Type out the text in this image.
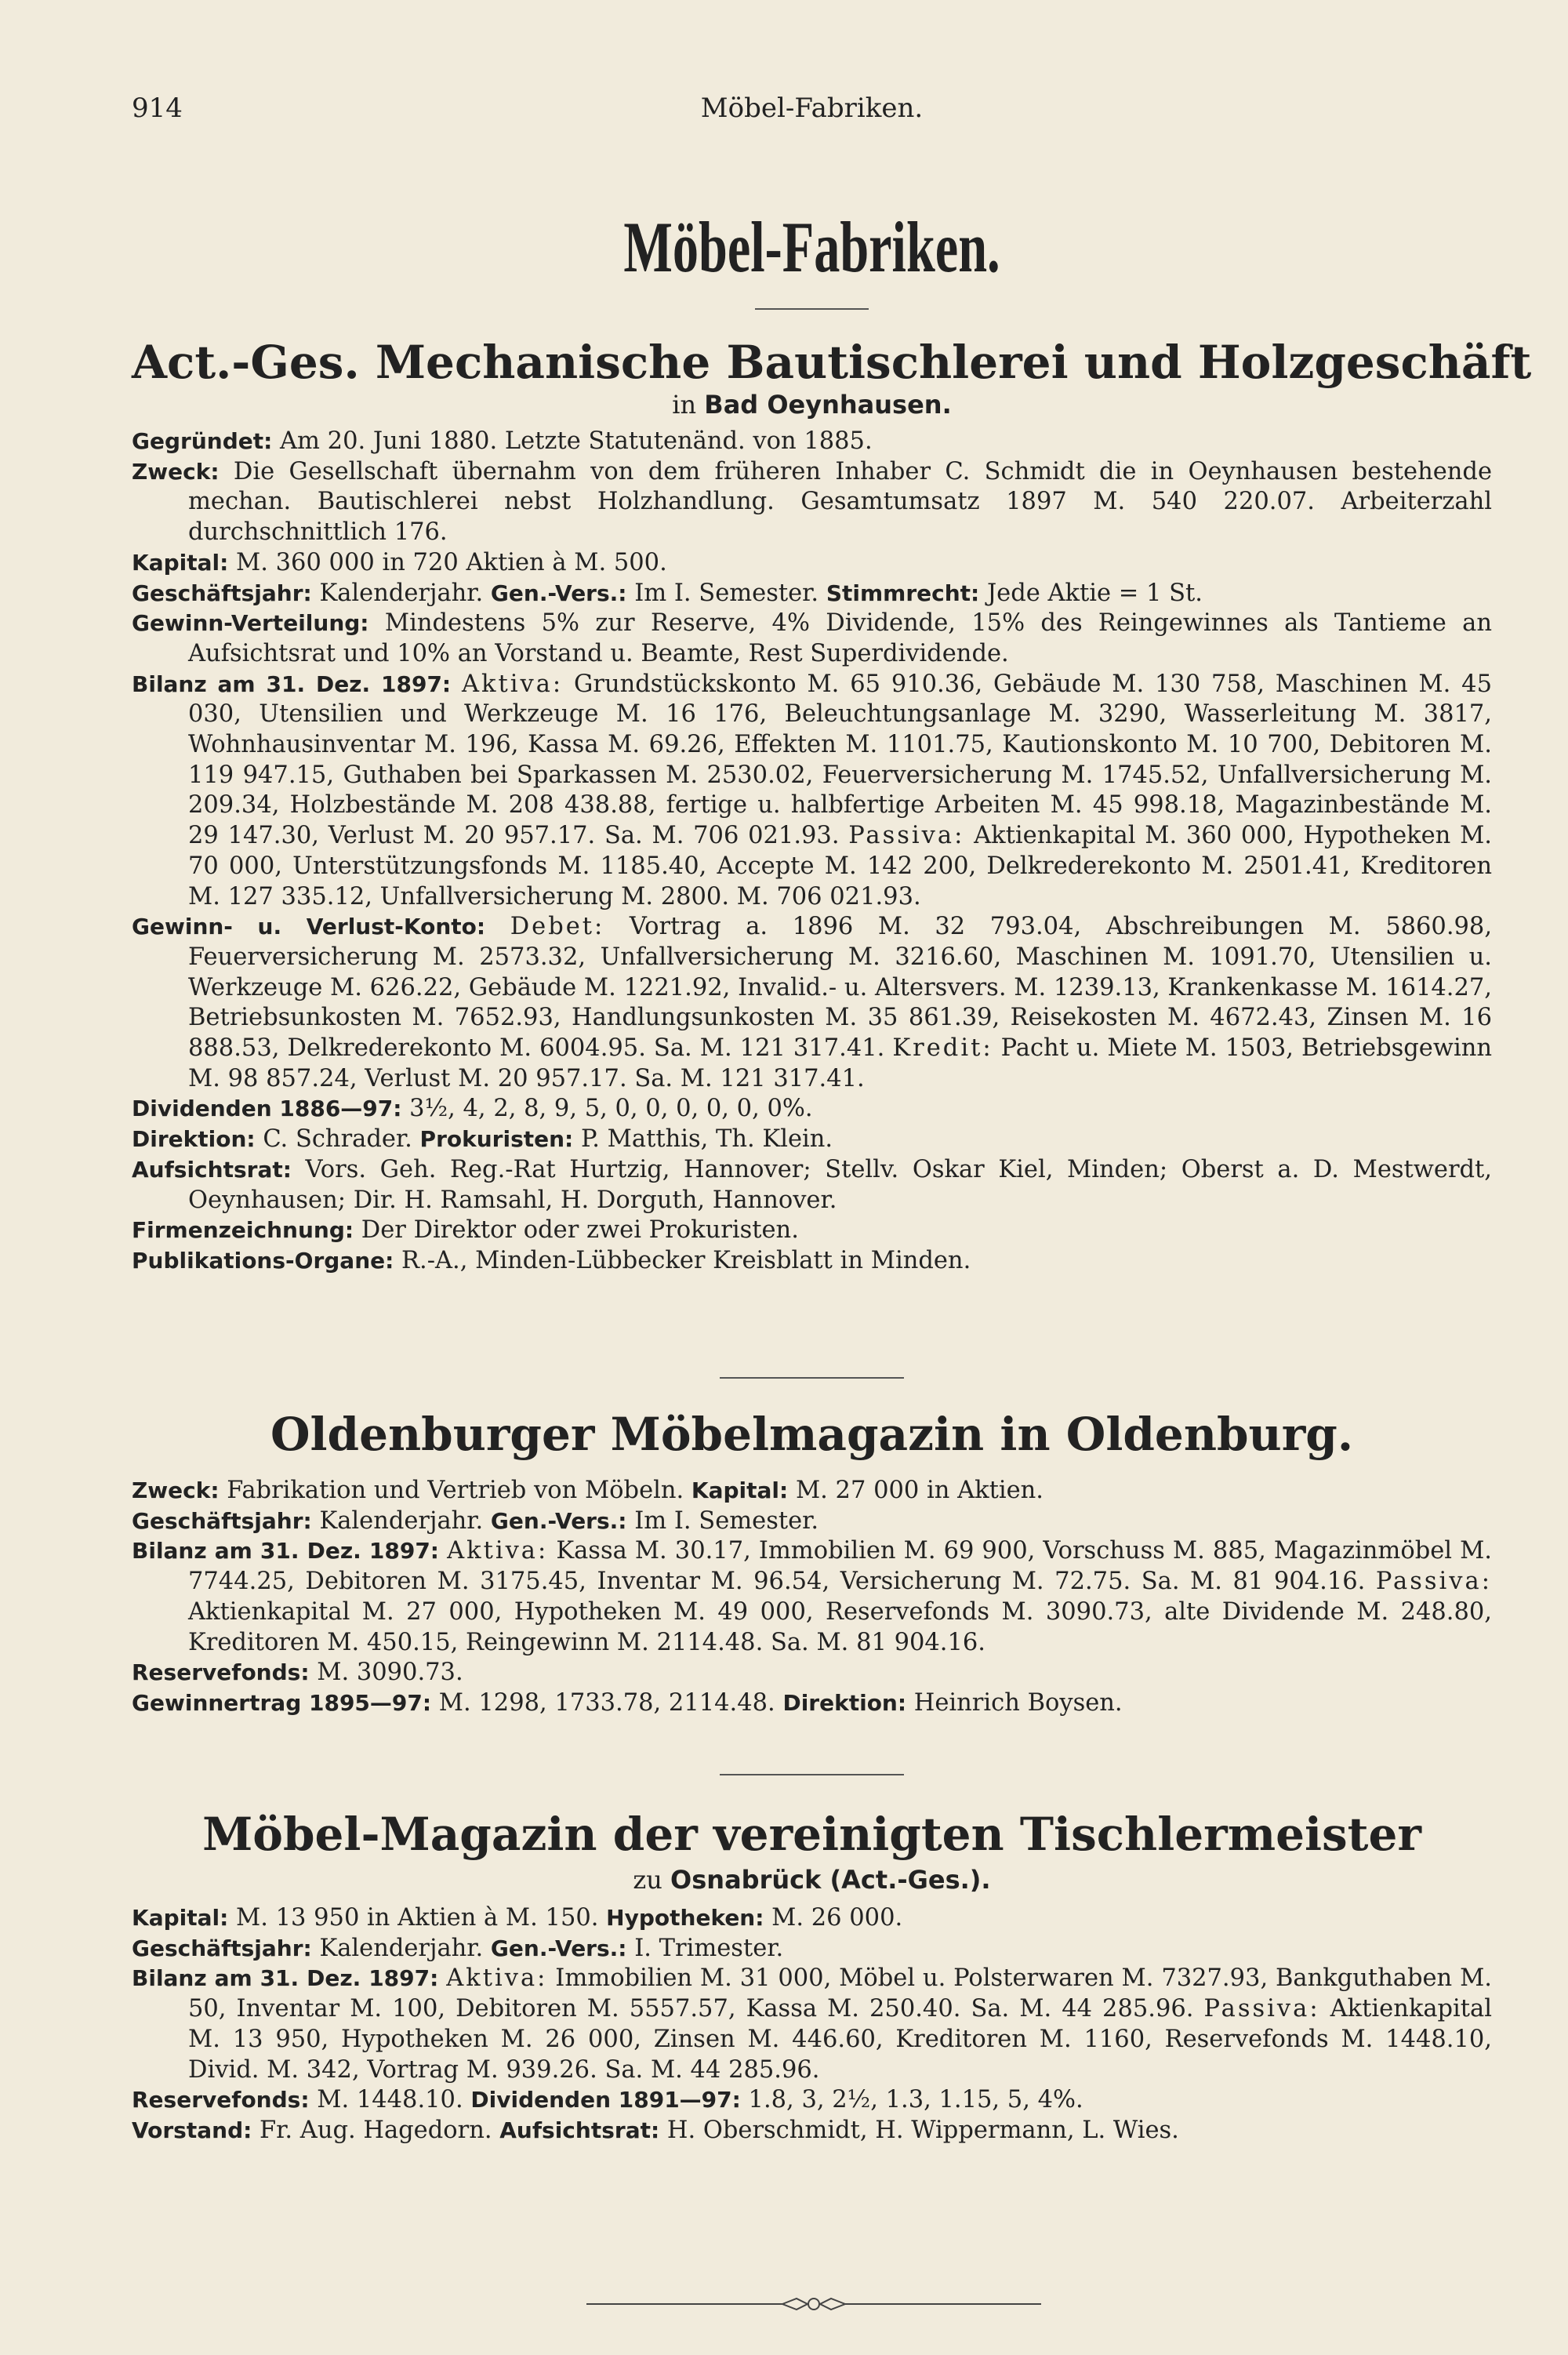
914	Möbel-Fabriken.
Möbel-Fabriken.
Act.-Ges. Mechanische Bautischlerei und Holzgeschäft
in Bad Oeynhausen.

Gegründet: Am 20. Juni 1880. Letzte Statutenänd. von 1885.

Zweck: Die Gesellschaft übernahm von dem früheren Inhaber C. Schmidt die in Oeynhausen bestehende mechan. Bautischlerei nebst Holzhandlung. Gesamtumsatz 1897 M. 540 220.07. Arbeiterzahl durchschnittlich 176.

Kapital: M. 360 000 in 720 Aktien à M. 500.

Geschäftsjahr: Kalenderjahr. Gen.-Vers.: Im I. Semester. Stimmrecht: Jede Aktie = 1 St.

Gewinn-Verteilung: Mindestens 5% zur Reserve, 4% Dividende, 15% des Reingewinnes als Tantieme an Aufsichtsrat und 10% an Vorstand u. Beamte, Rest Superdividende.

Bilanz am 31. Dez. 1897: Aktiva: Grundstückskonto M. 65 910.36, Gebäude M. 130 758, Maschinen M. 45 030, Utensilien und Werkzeuge M. 16 176, Beleuchtungsanlage M. 3290, Wasserleitung M. 3817, Wohnhausinventar M. 196, Kassa M. 69.26, Effekten M. 1101.75, Kautionskonto M. 10 700, Debitoren M. 119 947.15, Guthaben bei Sparkassen M. 2530.02, Feuerversicherung M. 1745.52, Unfallversicherung M. 209.34, Holzbestände M. 208 438.88, fertige u. halbfertige Arbeiten M. 45 998.18, Magazinbestände M. 29 147.30, Verlust M. 20 957.17. Sa. M. 706 021.93. Passiva: Aktienkapital M. 360 000, Hypotheken M. 70 000, Unterstützungsfonds M. 1185.40, Accepte M. 142 200, Delkrederekonto M. 2501.41, Kreditoren M. 127 335.12, Unfallversicherung M. 2800. M. 706 021.93.

Gewinn- u. Verlust-Konto: Debet: Vortrag a. 1896 M. 32 793.04, Abschreibungen M. 5860.98, Feuerversicherung M. 2573.32, Unfallversicherung M. 3216.60, Maschinen M. 1091.70, Utensilien u. Werkzeuge M. 626.22, Gebäude M. 1221.92, Invalid.- u. Altersvers. M. 1239.13, Krankenkasse M. 1614.27, Betriebsunkosten M. 7652.93, Handlungsunkosten M. 35 861.39, Reisekosten M. 4672.43, Zinsen M. 16 888.53, Delkrederekonto M. 6004.95. Sa. M. 121 317.41. Kredit: Pacht u. Miete M. 1503, Betriebsgewinn M. 98 857.24, Verlust M. 20 957.17. Sa. M. 121 317.41.

Dividenden 1886—97: 3½, 4, 2, 8, 9, 5, 0, 0, 0, 0, 0, 0%.

Direktion: C. Schrader. Prokuristen: P. Matthis, Th. Klein.

Aufsichtsrat: Vors. Geh. Reg.-Rat Hurtzig, Hannover; Stellv. Oskar Kiel, Minden; Oberst a. D. Mestwerdt, Oeynhausen; Dir. H. Ramsahl, H. Dorguth, Hannover.

Firmenzeichnung: Der Direktor oder zwei Prokuristen.

Publikations-Organe: R.-A., Minden-Lübbecker Kreisblatt in Minden.

Oldenburger Möbelmagazin in Oldenburg.

Zweck: Fabrikation und Vertrieb von Möbeln. Kapital: M. 27 000 in Aktien.

Geschäftsjahr: Kalenderjahr. Gen.-Vers.: Im I. Semester.

Bilanz am 31. Dez. 1897: Aktiva: Kassa M. 30.17, Immobilien M. 69 900, Vorschuss M. 885, Magazinmöbel M. 7744.25, Debitoren M. 3175.45, Inventar M. 96.54, Versicherung M. 72.75. Sa. M. 81 904.16. Passiva: Aktienkapital M. 27 000, Hypotheken M. 49 000, Reservefonds M. 3090.73, alte Dividende M. 248.80, Kreditoren M. 450.15, Reingewinn M. 2114.48. Sa. M. 81 904.16.

Reservefonds: M. 3090.73.

Gewinnertrag 1895—97: M. 1298, 1733.78, 2114.48. Direktion: Heinrich Boysen.

Möbel-Magazin der vereinigten Tischlermeister
zu Osnabrück (Act.-Ges.).

Kapital: M. 13 950 in Aktien à M. 150. Hypotheken: M. 26 000.

Geschäftsjahr: Kalenderjahr. Gen.-Vers.: I. Trimester.

Bilanz am 31. Dez. 1897: Aktiva: Immobilien M. 31 000, Möbel u. Polsterwaren M. 7327.93, Bankguthaben M. 50, Inventar M. 100, Debitoren M. 5557.57, Kassa M. 250.40. Sa. M. 44 285.96. Passiva: Aktienkapital M. 13 950, Hypotheken M. 26 000, Zinsen M. 446.60, Kreditoren M. 1160, Reservefonds M. 1448.10, Divid. M. 342, Vortrag M. 939.26. Sa. M. 44 285.96.

Reservefonds: M. 1448.10. Dividenden 1891—97: 1.8, 3, 2½, 1.3, 1.15, 5, 4%.

Vorstand: Fr. Aug. Hagedorn. Aufsichtsrat: H. Oberschmidt, H. Wippermann, L. Wies.
